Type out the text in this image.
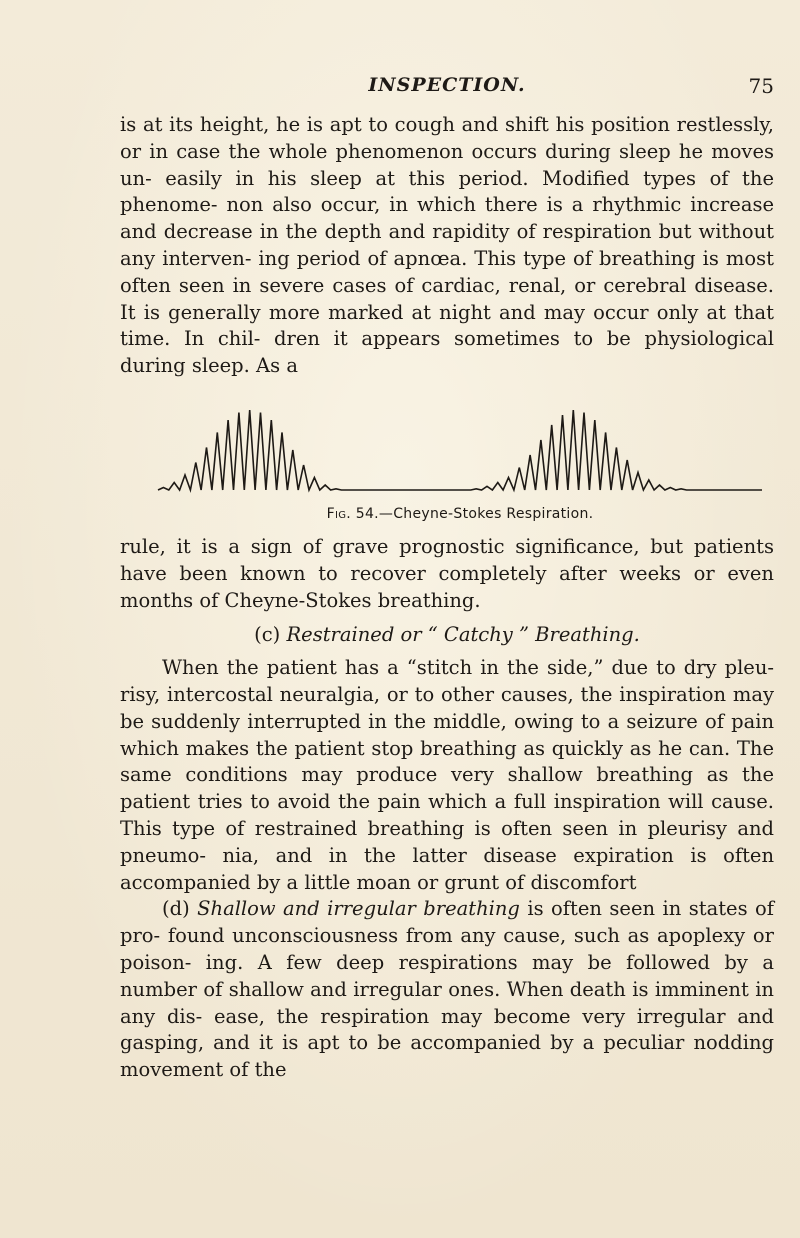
INSPECTION.	75

is at its height, he is apt to cough and shift his position restlessly, or in case the whole phenomenon occurs during sleep he moves un- easily in his sleep at this period. Modified types of the phenome- non also occur, in which there is a rhythmic increase and decrease in the depth and rapidity of respiration but without any interven- ing period of apnœa. This type of breathing is most often seen in severe cases of cardiac, renal, or cerebral disease. It is generally more marked at night and may occur only at that time. In chil- dren it appears sometimes to be physiological during sleep. As a

Fig. 54.—Cheyne-Stokes Respiration.

rule, it is a sign of grave prognostic significance, but patients have been known to recover completely after weeks or even months of Cheyne-Stokes breathing.

(c) Restrained or “ Catchy ” Breathing.

When the patient has a “stitch in the side,” due to dry pleu- risy, intercostal neuralgia, or to other causes, the inspiration may be suddenly interrupted in the middle, owing to a seizure of pain which makes the patient stop breathing as quickly as he can. The same conditions may produce very shallow breathing as the patient tries to avoid the pain which a full inspiration will cause. This type of restrained breathing is often seen in pleurisy and pneumo- nia, and in the latter disease expiration is often accompanied by a little moan or grunt of discomfort

(d) Shallow and irregular breathing is often seen in states of pro- found unconsciousness from any cause, such as apoplexy or poison- ing. A few deep respirations may be followed by a number of shallow and irregular ones. When death is imminent in any dis- ease, the respiration may become very irregular and gasping, and it is apt to be accompanied by a peculiar nodding movement of the
